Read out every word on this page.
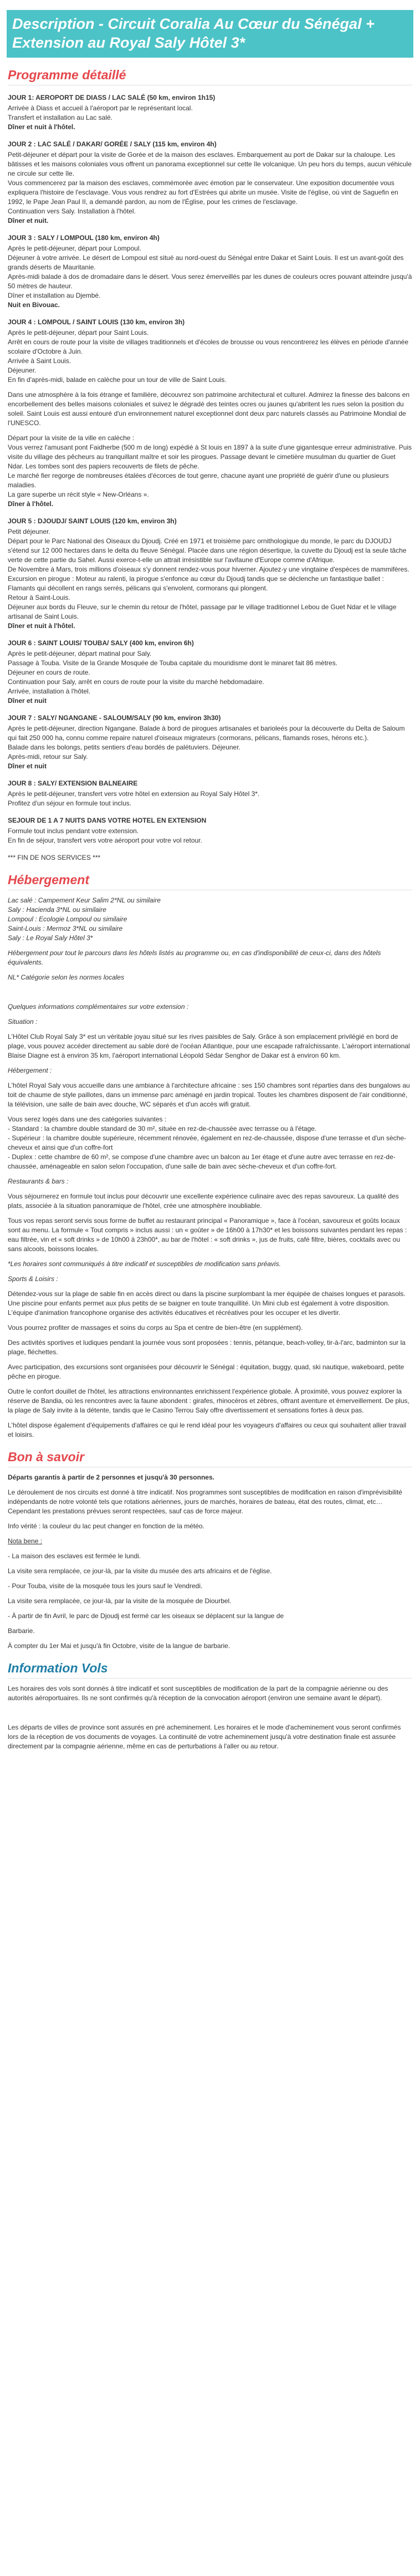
Description - Circuit Coralia Au Cœur du Sénégal + Extension au Royal Saly Hôtel 3*
Programme détaillé

JOUR 1: AEROPORT DE DIASS / LAC SALÉ (50 km, environ 1h15)

Arrivée à Diass et accueil à l'aéroport par le représentant local.
Transfert et installation au Lac salé.
Dîner et nuit à l'hôtel.

JOUR 2 : LAC SALÉ / DAKAR/ GORÉE / SALY (115 km, environ 4h)

Petit-déjeuner et départ pour la visite de Gorée et de la maison des esclaves. Embarquement au port de Dakar sur la chaloupe. Les bâtisses et les maisons coloniales vous offrent un panorama exceptionnel sur cette île volcanique. Un peu hors du temps, aucun véhicule ne circule sur cette île.
Vous commencerez par la maison des esclaves, commémorée avec émotion par le conservateur. Une exposition documentée vous expliquera l'histoire de l'esclavage. Vous vous rendrez au fort d'Estrées qui abrite un musée. Visite de l'église, où vint de Saguefin en 1992, le Pape Jean Paul II, a demandé pardon, au nom de l'Église, pour les crimes de l'esclavage.
Continuation vers Saly. Installation à l'hôtel.
Dîner et nuit.

JOUR 3 : SALY / LOMPOUL (180 km, environ 4h)

Après le petit-déjeuner, départ pour Lompoul.
Déjeuner à votre arrivée. Le désert de Lompoul est situé au nord-ouest du Sénégal entre Dakar et Saint Louis. Il est un avant-goût des grands déserts de Mauritanie.
Après-midi balade à dos de dromadaire dans le désert. Vous serez émerveillés par les dunes de couleurs ocres pouvant atteindre jusqu'à 50 mètres de hauteur.
Dîner et installation au Djembé.
Nuit en Bivouac.

JOUR 4 : LOMPOUL / SAINT LOUIS (130 km, environ 3h)

Après le petit-déjeuner, départ pour Saint Louis.
Arrêt en cours de route pour la visite de villages traditionnels et d'écoles de brousse ou vous rencontrerez les élèves en période d'année scolaire d'Octobre à Juin.
Arrivée à Saint Louis.
Déjeuner.
En fin d'après-midi, balade en calèche pour un tour de ville de Saint Louis.
Dans une atmosphère à la fois étrange et familière, découvrez son patrimoine architectural et culturel. Admirez la finesse des balcons en encorbellement des belles maisons coloniales et suivez le dégradé des teintes ocres ou jaunes qu'abritent les rues selon la position du soleil. Saint Louis est aussi entouré d'un environnement naturel exceptionnel dont deux parc naturels classés au Patrimoine Mondial de l'UNESCO.
Départ pour la visite de la ville en calèche :
Vous verrez l'amusant pont Faidherbe (500 m de long) expédié à St louis en 1897 à la suite d'une gigantesque erreur administrative. Puis visite du village des pêcheurs au tranquillant maître et soir les pirogues. Passage devant le cimetière musulman du quartier de Guet Ndar. Les tombes sont des papiers recouverts de filets de pêche.
Le marché fier regorge de nombreuses étalées d'écorces de tout genre, chacune ayant une propriété de guérir d'une ou plusieurs maladies.
La gare superbe un récit style « New-Orléans ».
Dîner à l'hôtel.

JOUR 5 : DJOUDJ/ SAINT LOUIS (120 km, environ 3h)

Petit déjeuner.
Départ pour le Parc National des Oiseaux du Djoudj. Créé en 1971 et troisième parc ornithologique du monde, le parc du DJOUDJ s'étend sur 12 000 hectares dans le delta du fleuve Sénégal. Placée dans une région désertique, la cuvette du Djoudj est la seule tâche verte de cette partie du Sahel. Aussi exerce-t-elle un attrait irrésistible sur l'avifaune d'Europe comme d'Afrique.
De Novembre à Mars, trois millions d'oiseaux s'y donnent rendez-vous pour hiverner. Ajoutez-y une vingtaine d'espèces de mammifères.
Excursion en pirogue : Moteur au ralenti, la pirogue s'enfonce au cœur du Djoudj tandis que se déclenche un fantastique ballet : Flamants qui décollent en rangs serrés, pélicans qui s'envolent, cormorans qui plongent.
Retour à Saint-Louis.
Déjeuner aux bords du Fleuve, sur le chemin du retour de l'hôtel, passage par le village traditionnel Lebou de Guet Ndar et le village artisanal de Saint Louis.
Dîner et nuit à l'hôtel.

JOUR 6 : SAINT LOUIS/ TOUBA/ SALY (400 km, environ 6h)

Après le petit-déjeuner, départ matinal pour Saly.
Passage à Touba. Visite de la Grande Mosquée de Touba capitale du mouridisme dont le minaret fait 86 mètres.
Déjeuner en cours de route.
Continuation pour Saly, arrêt en cours de route pour la visite du marché hebdomadaire.
Arrivée, installation à l'hôtel.
Dîner et nuit

JOUR 7 : SALY/ NGANGANE - SALOUM/SALY (90 km, environ 3h30)

Après le petit-déjeuner, direction Ngangane. Balade à bord de pirogues artisanales et barioleés pour la découverte du Delta de Saloum qui fait 250 000 ha, connu comme repaire naturel d'oiseaux migrateurs (cormorans, pélicans, flamands roses, hérons etc.).
Balade dans les bolongs, petits sentiers d'eau bordés de palétuviers. Déjeuner.
Après-midi, retour sur Saly.
Dîner et nuit

JOUR 8 : SALY/ EXTENSION BALNEAIRE

Après le petit-déjeuner, transfert vers votre hôtel en extension au Royal Saly Hôtel 3*.
Profitez d'un séjour en formule tout inclus.

SEJOUR DE 1 A 7 NUITS DANS VOTRE HOTEL EN EXTENSION

Formule tout inclus pendant votre extension.
En fin de séjour, transfert vers votre aéroport pour votre vol retour.

*** FIN DE NOS SERVICES ***

Hébergement

Lac salé : Campement Keur Salim 2*NL ou similaire
Saly : Hacienda 3*NL ou similaire
Lompoul : Ecologie Lompoul ou similaire
Saint-Louis : Mermoz 3*NL ou similaire
Saly : Le Royal Saly Hôtel 3*

Hébergement pour tout le parcours dans les hôtels listés au programme ou, en cas d'indisponibilité de ceux-ci, dans des hôtels équivalents.

NL* Catégorie selon les normes locales

Quelques informations complémentaires sur votre extension :

Situation :

L'Hôtel Club Royal Saly 3* est un véritable joyau situé sur les rives paisibles de Saly. Grâce à son emplacement privilégié en bord de plage, vous pouvez accéder directement au sable doré de l'océan Atlantique, pour une escapade rafraîchissante. L'aéroport international Blaise Diagne est à environ 35 km, l'aéroport international Léopold Sédar Senghor de Dakar est à environ 60 km.

Hébergement :

L'hôtel Royal Saly vous accueille dans une ambiance à l'architecture africaine : ses 150 chambres sont réparties dans des bungalows au toit de chaume de style paillotes, dans un immense parc aménagé en jardin tropical. Toutes les chambres disposent de l'air conditionné, la télévision, une salle de bain avec douche, WC séparés et d'un accès wifi gratuit.

Vous serez logés dans une des catégories suivantes :
- Standard : la chambre double standard de 30 m², située en rez-de-chaussée avec terrasse ou à l'étage.
- Supérieur : la chambre double supérieure, récemment rénovée, également en rez-de-chaussée, dispose d'une terrasse et d'un sèche-cheveux et ainsi que d'un coffre-fort
- Duplex : cette chambre de 60 m², se compose d'une chambre avec un balcon au 1er étage et d'une autre avec terrasse en rez-de-chaussée, aménageable en salon selon l'occupation, d'une salle de bain avec sèche-cheveux et d'un coffre-fort.

Restaurants & bars :

Vous séjournerez en formule tout inclus pour découvrir une excellente expérience culinaire avec des repas savoureux. La qualité des plats, associée à la situation panoramique de l'hôtel, crée une atmosphère inoubliable.

Tous vos repas seront servis sous forme de buffet au restaurant principal « Panoramique », face à l'océan, savoureux et goûts locaux sont au menu. La formule « Tout compris » inclus aussi : un « goûter » de 16h00 à 17h30* et les boissons suivantes pendant les repas : eau filtrée, vin et « soft drinks » de 10h00 à 23h00*, au bar de l'hôtel : « soft drinks », jus de fruits, café filtre, bières, cocktails avec ou sans alcools, boissons locales.

*Les horaires sont communiqués à titre indicatif et susceptibles de modification sans préavis.

Sports & Loisirs :

Détendez-vous sur la plage de sable fin en accès direct ou dans la piscine surplombant la mer équipée de chaises longues et parasols. Une piscine pour enfants permet aux plus petits de se baigner en toute tranquillité. Un Mini club est également à votre disposition. L'équipe d'animation francophone organise des activités éducatives et récréatives pour les occuper et les divertir.

Vous pourrez profiter de massages et soins du corps au Spa et centre de bien-être (en supplément).

Des activités sportives et ludiques pendant la journée vous sont proposées : tennis, pétanque, beach-volley, tir-à-l'arc, badminton sur la plage, fléchettes.

Avec participation, des excursions sont organisées pour découvrir le Sénégal : équitation, buggy, quad, ski nautique, wakeboard, petite pêche en pirogue.

Outre le confort douillet de l'hôtel, les attractions environnantes enrichissent l'expérience globale. À proximité, vous pouvez explorer la réserve de Bandia, où les rencontres avec la faune abondent : girafes, rhinocéros et zèbres, offrant aventure et émerveillement. De plus, la plage de Saly invite à la détente, tandis que le Casino Terrou Saly offre divertissement et sensations fortes à deux pas.

L'hôtel dispose également d'équipements d'affaires ce qui le rend idéal pour les voyageurs d'affaires ou ceux qui souhaitent allier travail et loisirs.

Bon à savoir

Départs garantis à partir de 2 personnes et jusqu'à 30 personnes.

Le déroulement de nos circuits est donné à titre indicatif. Nos programmes sont susceptibles de modification en raison d'imprévisibilité indépendants de notre volonté tels que rotations aériennes, jours de marchés, horaires de bateau, état des routes, climat, etc… Cependant les prestations prévues seront respectées, sauf cas de force majeur.

Info vérité : la couleur du lac peut changer en fonction de la météo.

Nota bene :

- La maison des esclaves est fermée le lundi.

La visite sera remplacée, ce jour-là, par la visite du musée des arts africains et de l'église.

- Pour Touba, visite de la mosquée tous les jours sauf le Vendredi.

La visite sera remplacée, ce jour-là, par la visite de la mosquée de Diourbel.

- À partir de fin Avril, le parc de Djoudj est fermé car les oiseaux se déplacent sur la langue de

Barbarie.

À compter du 1er Mai et jusqu'à fin Octobre, visite de la langue de barbarie.

Information Vols

Les horaires des vols sont donnés à titre indicatif et sont susceptibles de modification de la part de la compagnie aérienne ou des autorités aéroportuaires. Ils ne sont confirmés qu'à réception de la convocation aéroport (environ une semaine avant le départ).

Les départs de villes de province sont assurés en pré acheminement. Les horaires et le mode d'acheminement vous seront confirmés lors de la réception de vos documents de voyages. La continuité de votre acheminement jusqu'à votre destination finale est assurée directement par la compagnie aérienne, même en cas de perturbations à l'aller ou au retour.
